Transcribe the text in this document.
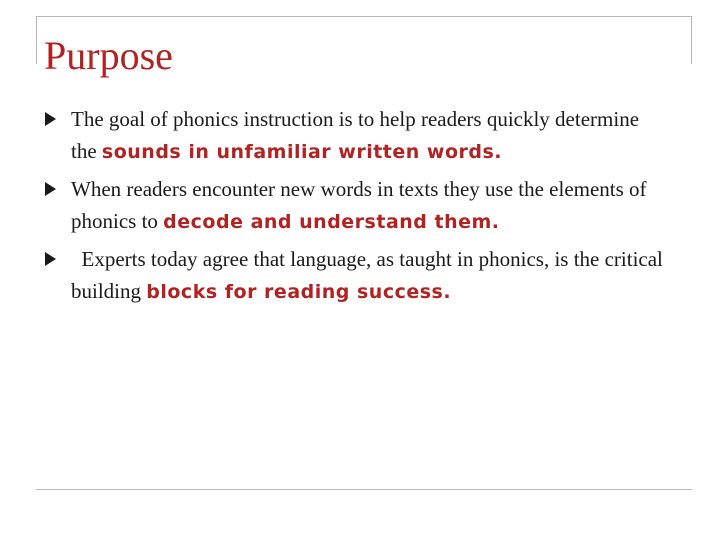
Purpose
The goal of phonics instruction is to help readers quickly determine the sounds in unfamiliar written words.
When readers encounter new words in texts they use the elements of phonics to decode and understand them.
Experts today agree that language, as taught in phonics, is the critical  building blocks for reading success.
